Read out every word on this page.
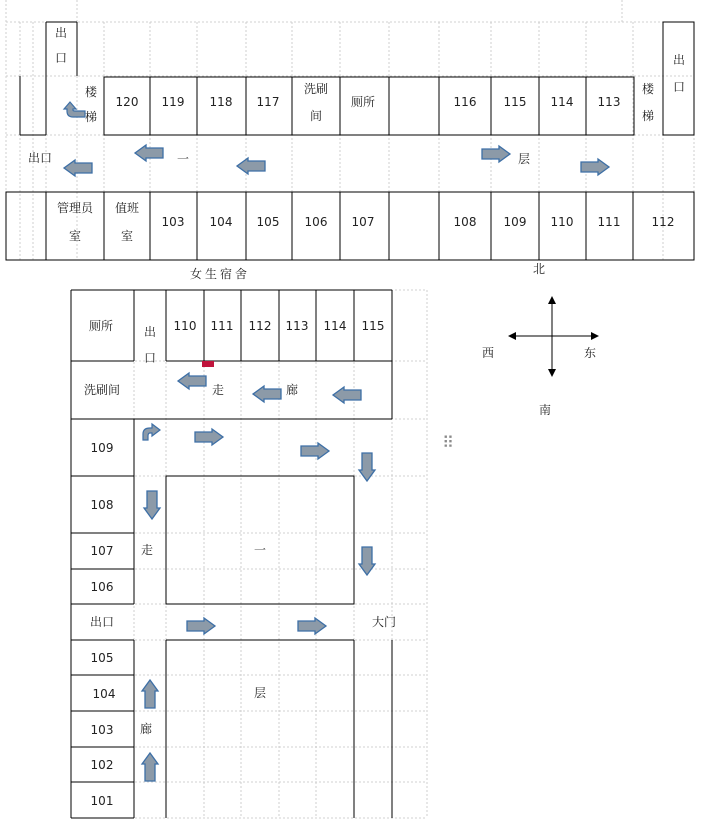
出
口
楼
梯
出
口
楼
梯
出口
120 119 118 117
洗刷
间
厕所	116 115 114 113
一	层
管理员
室
值班
室
103 104 105 106 107	108 109 110 111	112
女生宿舍	北
厕所	出
口
110 111 112 113 114 115
洗刷间	走	廊
走	一
层
廊
109
108
107
106
出口	大门
105
104
103
102
101
西	东
南
⠿
